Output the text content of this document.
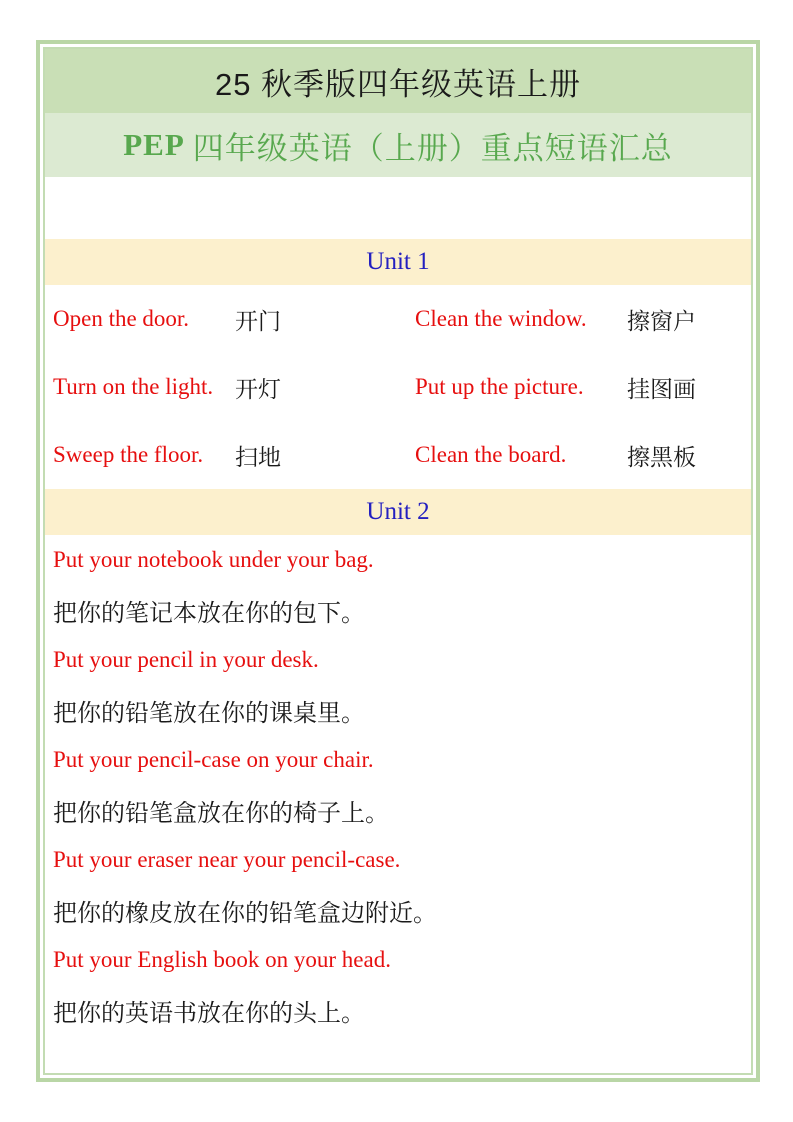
25 秋季版四年级英语上册
PEP 四年级英语（上册）重点短语汇总
Unit 1
Open the door.	开门	Clean the window.	擦窗户
Turn on the light. 开灯	Put up the picture.	挂图画
Sweep the floor.	扫地	Clean the board.	擦黑板
Unit 2
Put your notebook under your bag.
把你的笔记本放在你的包下。
Put your pencil in your desk.
把你的铅笔放在你的课桌里。
Put your pencil-case on your chair.
把你的铅笔盒放在你的椅子上。
Put your eraser near your pencil-case.
把你的橡皮放在你的铅笔盒边附近。
Put your English book on your head.
把你的英语书放在你的头上。
